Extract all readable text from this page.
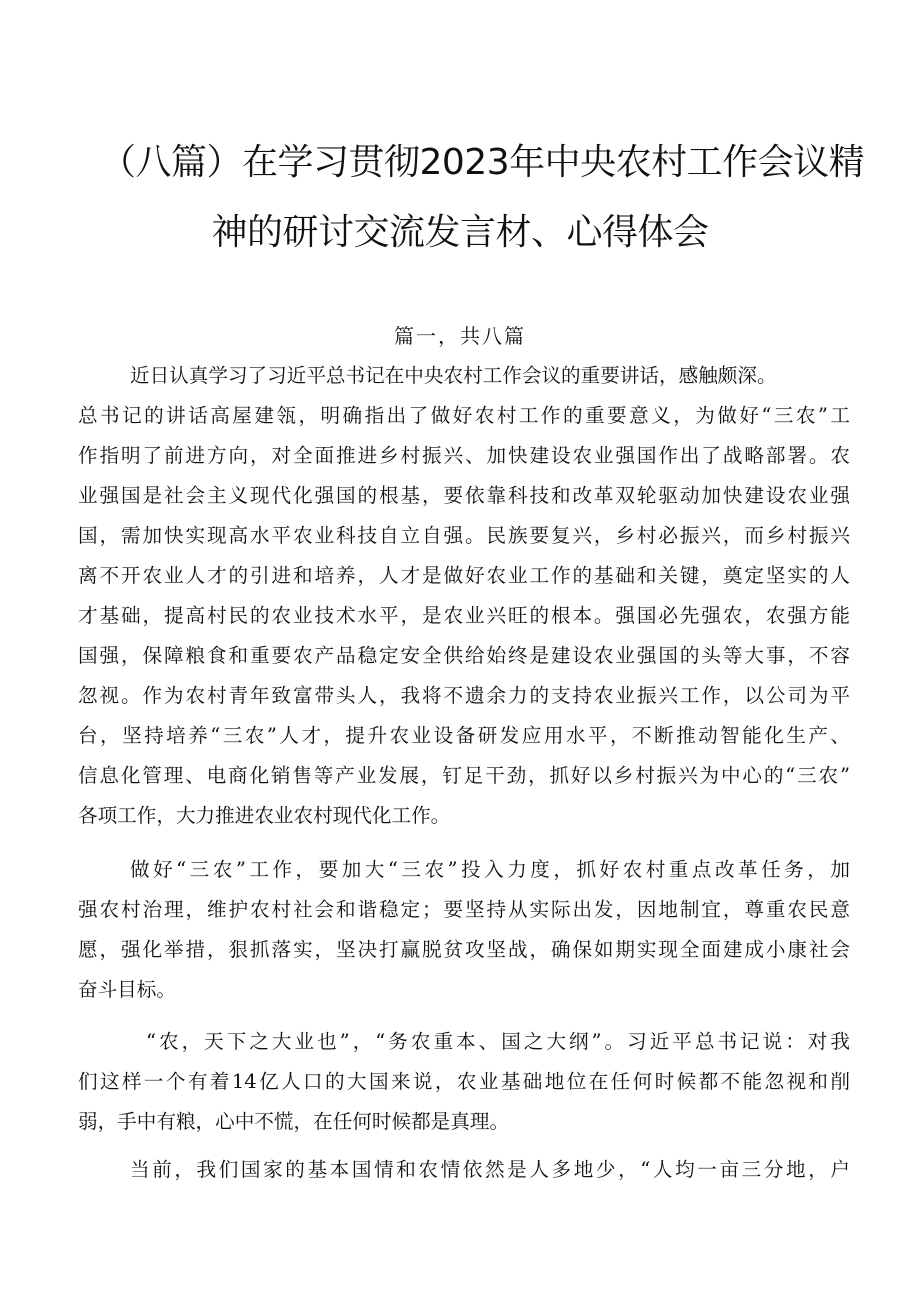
（八篇）在学习贯彻2023年中央农村工作会议精
神的研讨交流发言材、心得体会
篇一，共八篇
近日认真学习了习近平总书记在中央农村工作会议的重要讲话，感触颇深。
总书记的讲话高屋建瓴，明确指出了做好农村工作的重要意义，为做好“三农”工
作指明了前进方向，对全面推进乡村振兴、加快建设农业强国作出了战略部署。农
业强国是社会主义现代化强国的根基，要依靠科技和改革双轮驱动加快建设农业强
国，需加快实现高水平农业科技自立自强。民族要复兴，乡村必振兴，而乡村振兴
离不开农业人才的引进和培养，人才是做好农业工作的基础和关键，奠定坚实的人
才基础，提高村民的农业技术水平，是农业兴旺的根本。强国必先强农，农强方能
国强，保障粮食和重要农产品稳定安全供给始终是建设农业强国的头等大事，不容
忽视。作为农村青年致富带头人，我将不遗余力的支持农业振兴工作，以公司为平
台，坚持培养“三农”人才，提升农业设备研发应用水平，不断推动智能化生产、
信息化管理、电商化销售等产业发展，钉足干劲，抓好以乡村振兴为中心的“三农”
各项工作，大力推进农业农村现代化工作。
做好“三农”工作，要加大“三农”投入力度，抓好农村重点改革任务，加
强农村治理，维护农村社会和谐稳定；要坚持从实际出发，因地制宜，尊重农民意
愿，强化举措，狠抓落实，坚决打赢脱贫攻坚战，确保如期实现全面建成小康社会
奋斗目标。
“农，天下之大业也”，“务农重本、国之大纲”。习近平总书记说：对我
们这样一个有着14亿人口的大国来说，农业基础地位在任何时候都不能忽视和削
弱，手中有粮，心中不慌，在任何时候都是真理。
当前，我们国家的基本国情和农情依然是人多地少，“人均一亩三分地，户
